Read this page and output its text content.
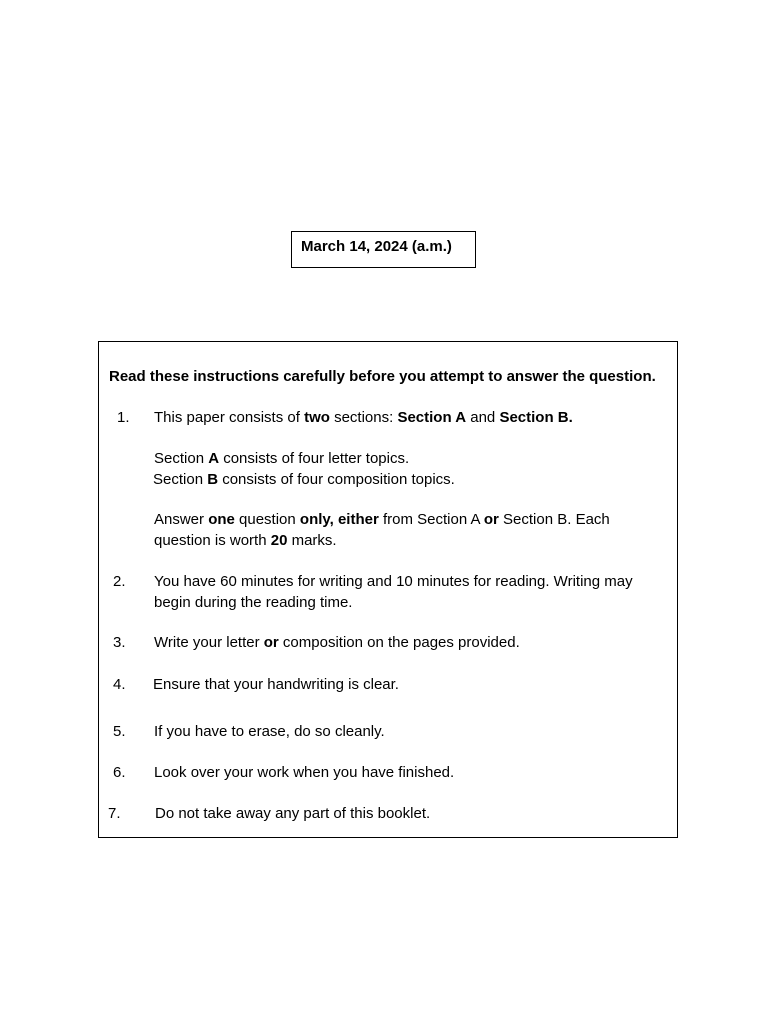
March 14, 2024 (a.m.)
Read these instructions carefully before you attempt to answer the question.
1. This paper consists of two sections: Section A and Section B.
Section A consists of four letter topics.
Section B consists of four composition topics.
Answer one question only, either from Section A or Section B. Each
question is worth 20 marks.
2. You have 60 minutes for writing and 10 minutes for reading. Writing may
begin during the reading time.
3. Write your letter or composition on the pages provided.
4. Ensure that your handwriting is clear.
5. If you have to erase, do so cleanly.
6. Look over your work when you have finished.
7. Do not take away any part of this booklet.
